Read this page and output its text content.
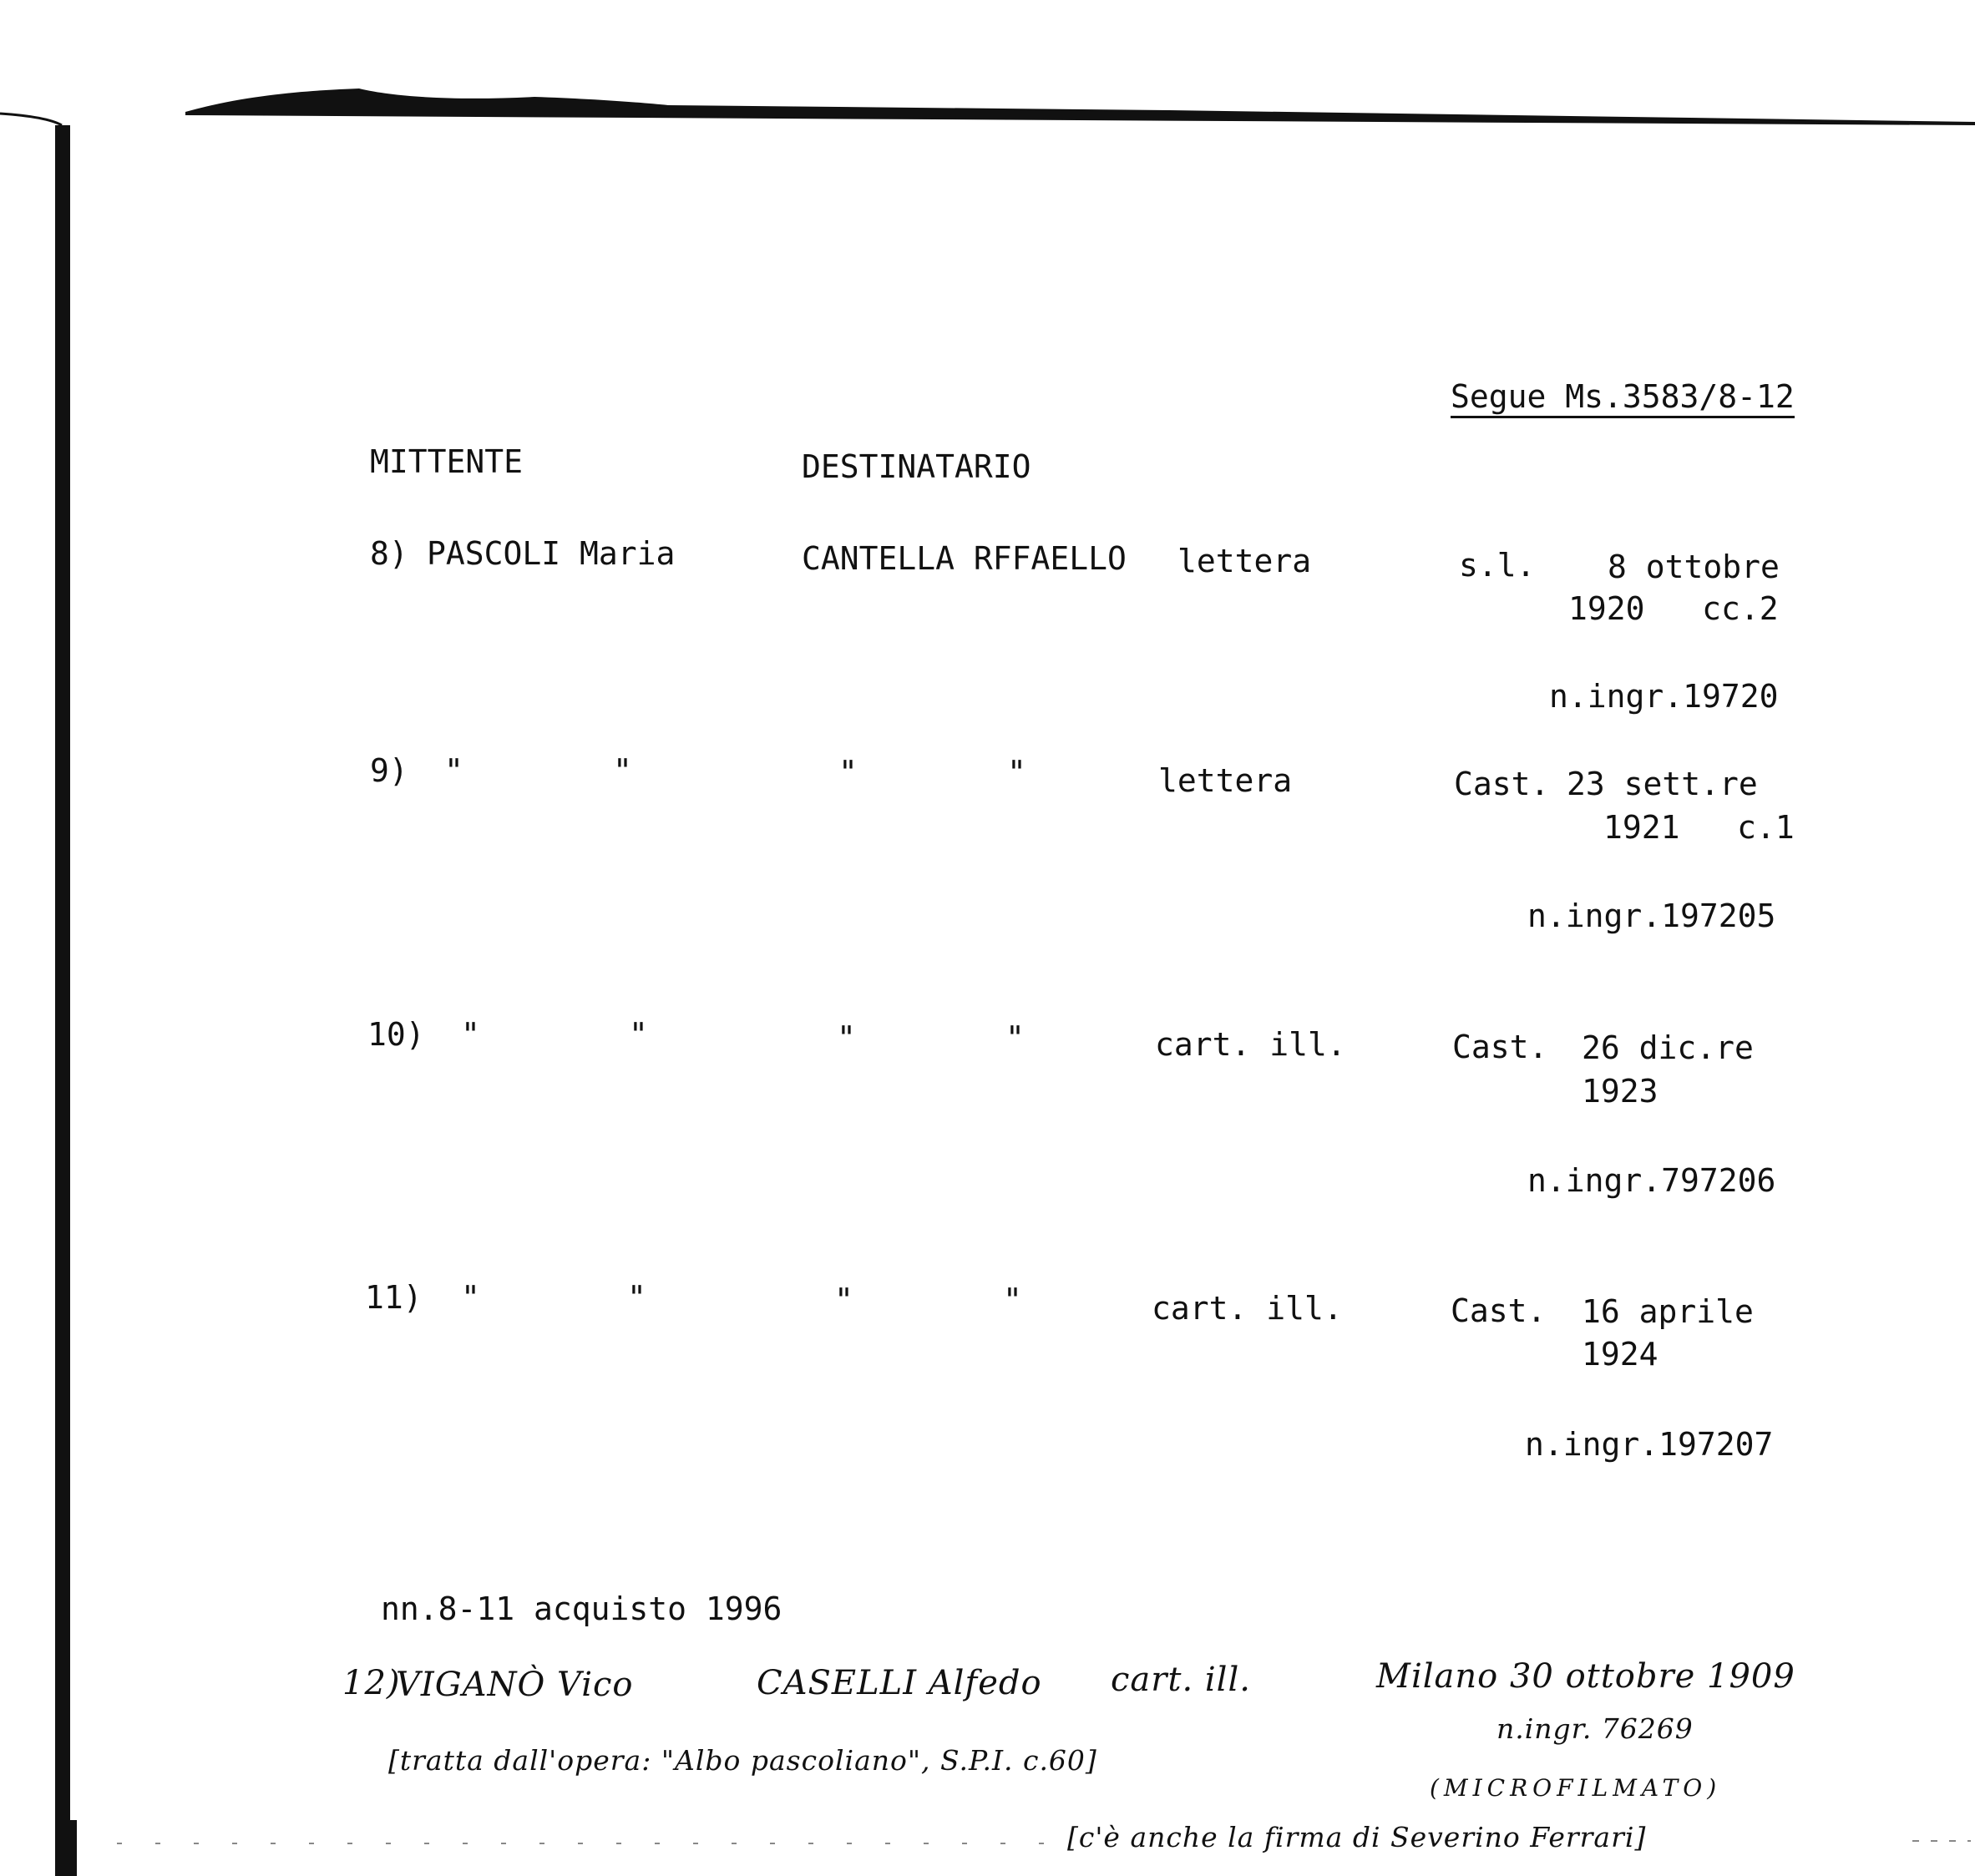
Segue Ms.3583/8-12
MITTENTE	DESTINATARIO
8) PASCOLI Maria	CANTELLA RFFAELLO lettera	s.l. 8 ottobre
1920   cc.2
n.ingr.19720
9) "	"	"	"	lettera	Cast. 23 sett.re
1921   c.1
n.ingr.197205
10) "	"	"	"	cart. ill.	Cast. 26 dic.re
1923
n.ingr.797206
11) "	"	"	"	cart. ill.	Cast. 16 aprile
1924
n.ingr.197207
nn.8-11 acquisto 1996
12)
VIGANÒ Vico	CASELLI Alfedo cart. ill.	Milano 30 ottobre 1909
n.ingr. 76269
[tratta dall'opera: "Albo pascoliano", S.P.I. c.60]
(MICROFILMATO)
[c'è anche la firma di Severino Ferrari]
